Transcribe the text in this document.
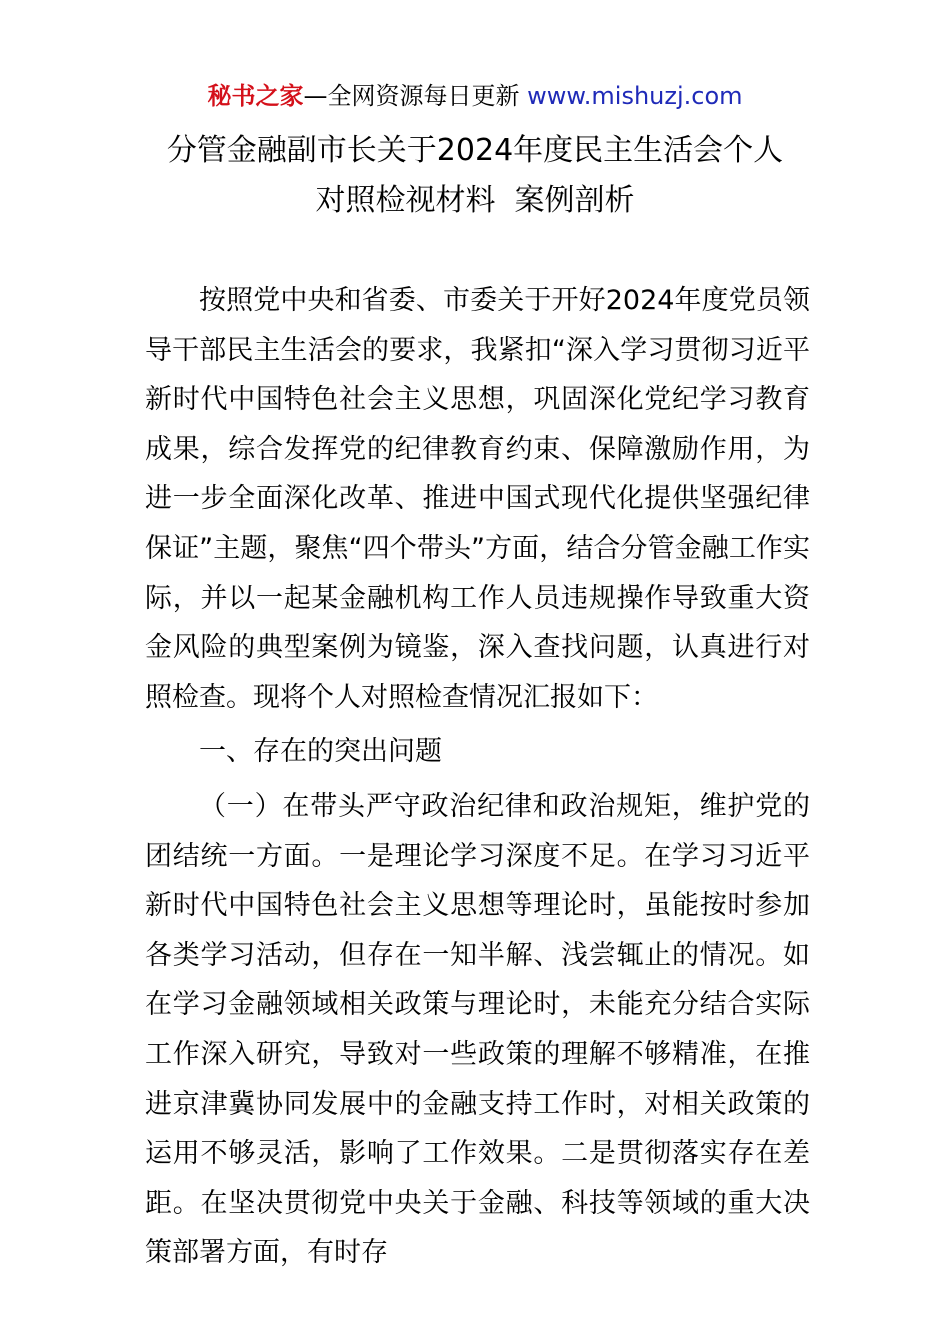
秘书之家—全网资源每日更新 www.mishuzj.com
分管金融副市长关于2024年度民主生活会个人
对照检视材料  案例剖析

按照党中央和省委、市委关于开好2024年度党员领导干部民主生活会的要求，我紧扣“深入学习贯彻习近平新时代中国特色社会主义思想，巩固深化党纪学习教育成果，综合发挥党的纪律教育约束、保障激励作用，为进一步全面深化改革、推进中国式现代化提供坚强纪律保证”主题，聚焦“四个带头”方面，结合分管金融工作实际，并以一起某金融机构工作人员违规操作导致重大资金风险的典型案例为镜鉴，深入查找问题，认真进行对照检查。现将个人对照检查情况汇报如下：

一、存在的突出问题

（一）在带头严守政治纪律和政治规矩，维护党的团结统一方面。一是理论学习深度不足。在学习习近平新时代中国特色社会主义思想等理论时，虽能按时参加各类学习活动，但存在一知半解、浅尝辄止的情况。如在学习金融领域相关政策与理论时，未能充分结合实际工作深入研究，导致对一些政策的理解不够精准，在推进京津冀协同发展中的金融支持工作时，对相关政策的运用不够灵活，影响了工作效果。二是贯彻落实存在差距。在坚决贯彻党中央关于金融、科技等领域的重大决策部署方面，有时存
